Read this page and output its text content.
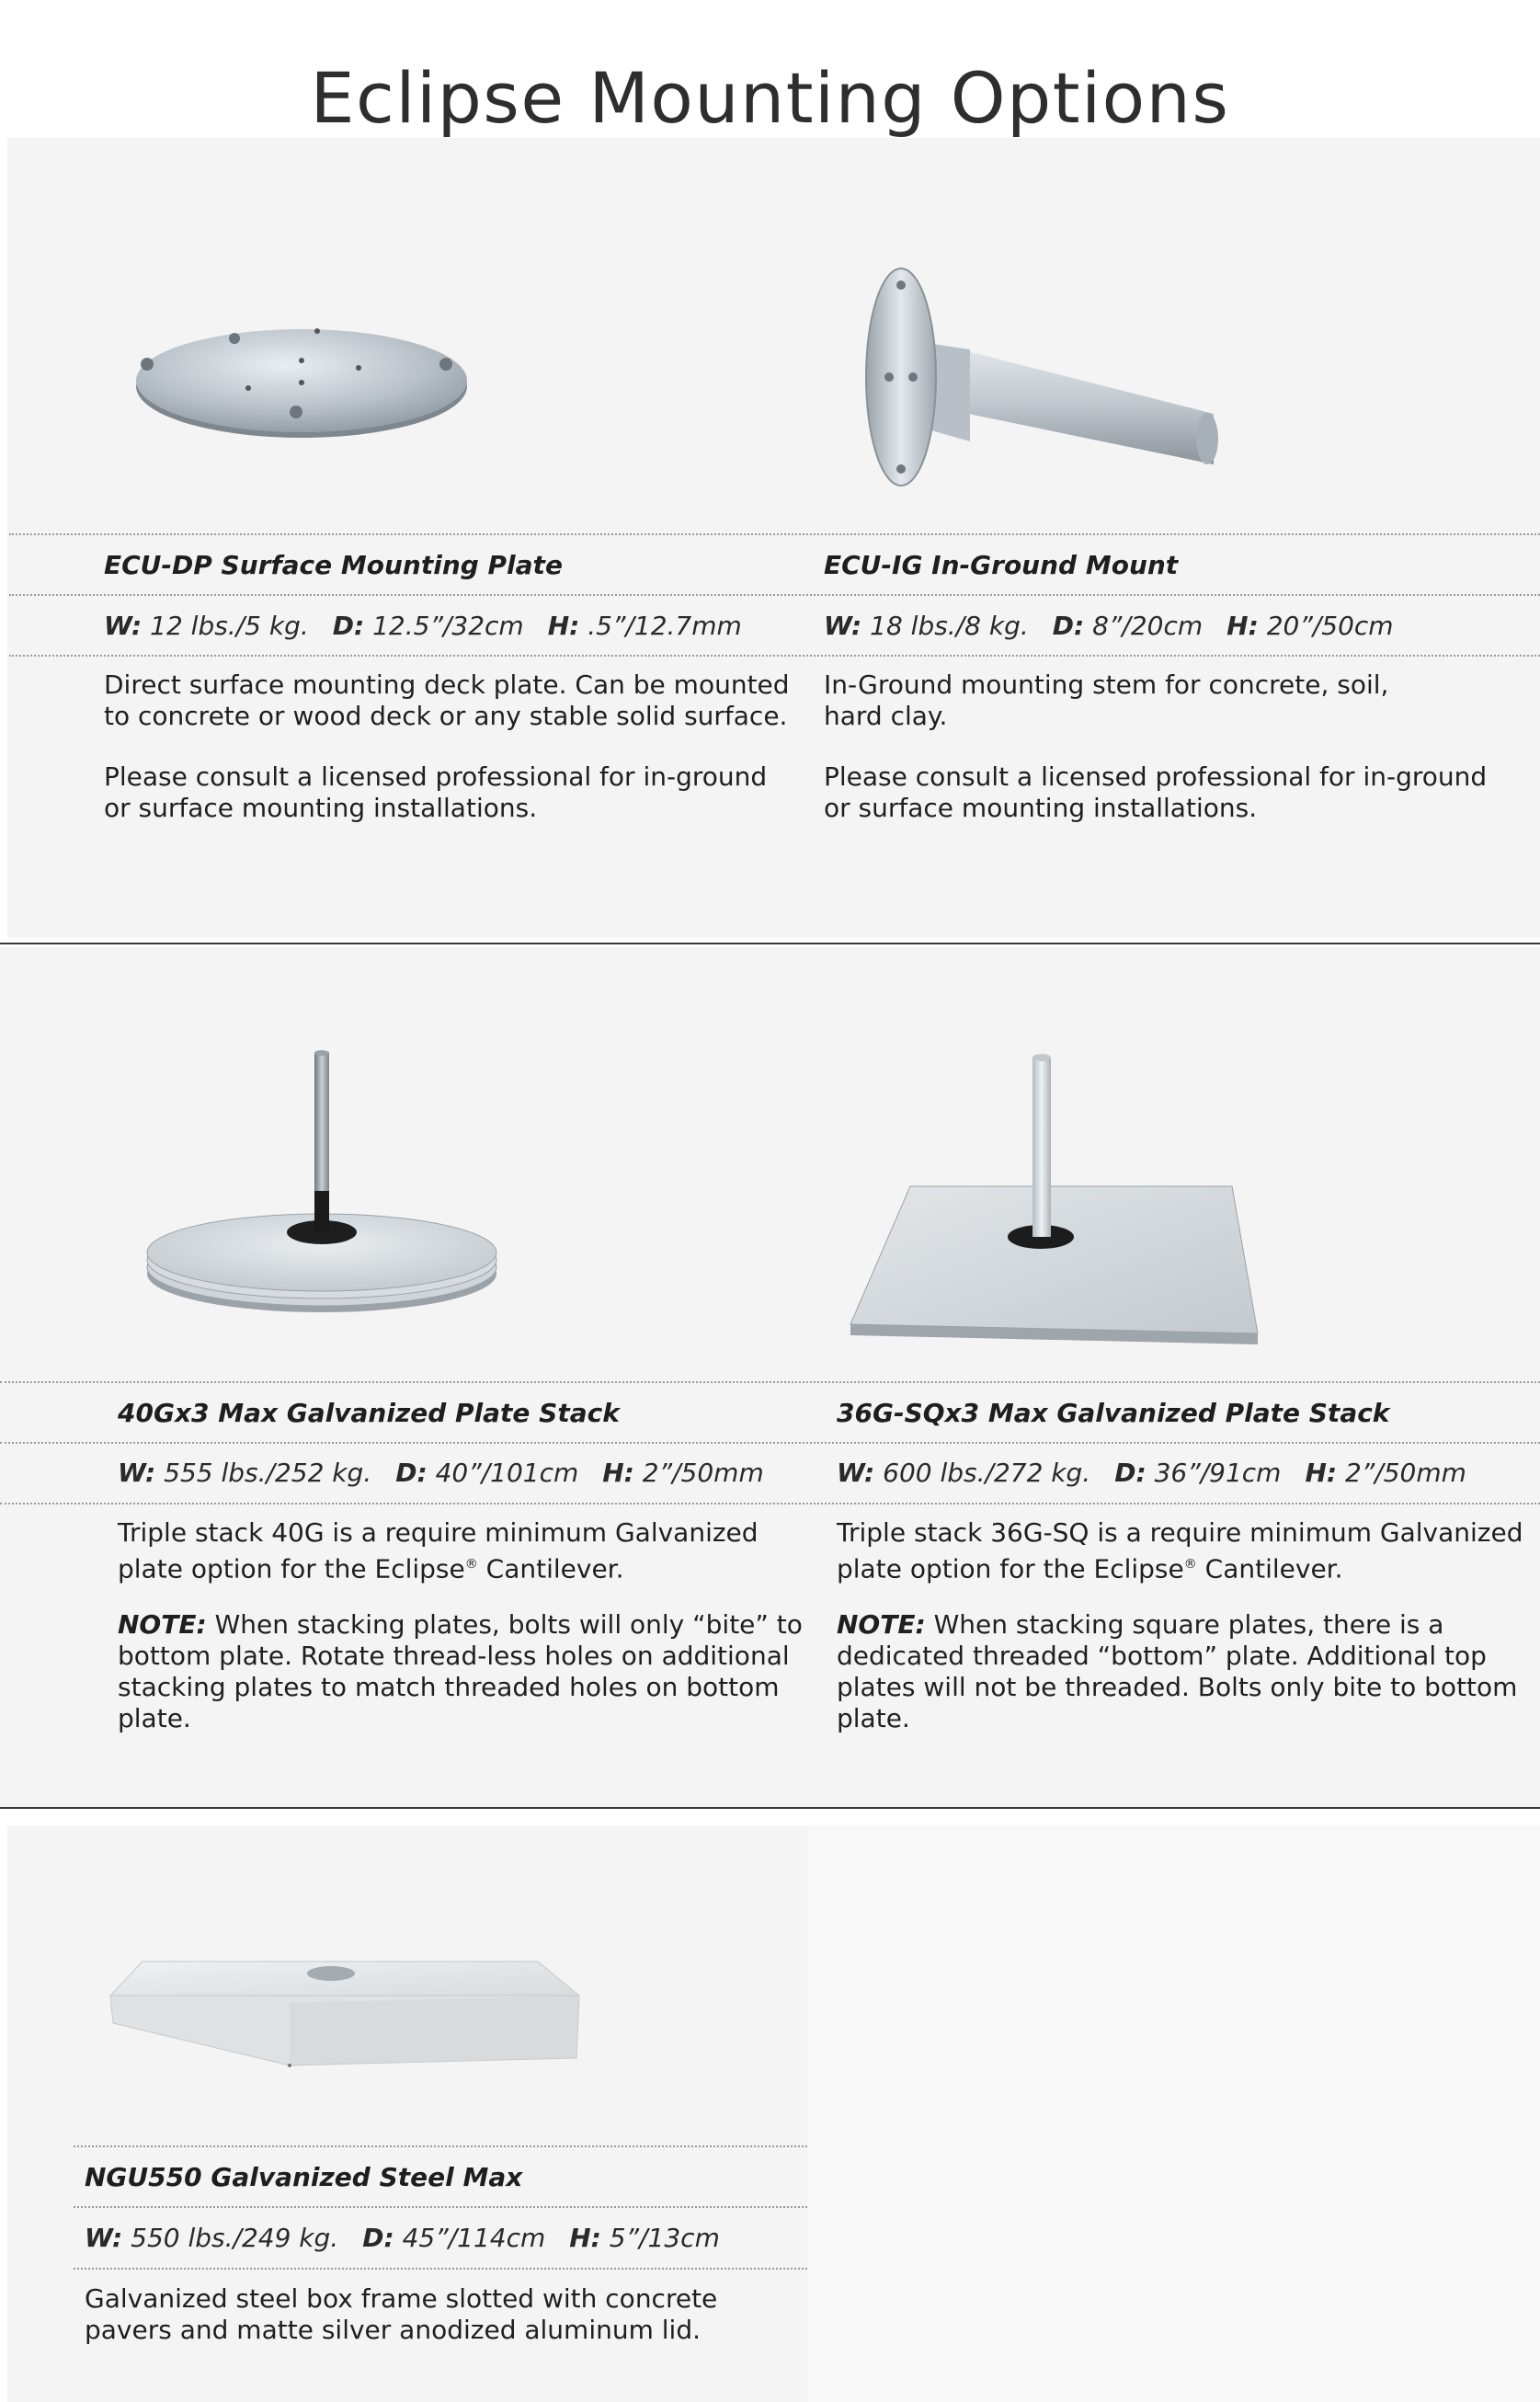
Eclipse Mounting Options
ECU-DP Surface Mounting Plate	ECU-IG In-Ground Mount
W: 12 lbs./5 kg. D: 12.5”/32cm H: .5”/12.7mm	W: 18 lbs./8 kg. D: 8”/20cm H: 20”/50cm
Direct surface mounting deck plate. Can be mounted
to concrete or wood deck or any stable solid surface.
Please consult a licensed professional for in-ground
or surface mounting installations.
In-Ground mounting stem for concrete, soil,
hard clay.
Please consult a licensed professional for in-ground
or surface mounting installations.
40Gx3 Max Galvanized Plate Stack	36G-SQx3 Max Galvanized Plate Stack
W: 555 lbs./252 kg. D: 40”/101cm H: 2”/50mm	W: 600 lbs./272 kg. D: 36”/91cm H: 2”/50mm
Triple stack 40G is a require minimum Galvanized
plate option for the Eclipse® Cantilever.
NOTE: When stacking plates, bolts will only “bite” to
bottom plate. Rotate thread-less holes on additional
stacking plates to match threaded holes on bottom
plate.
Triple stack 36G-SQ is a require minimum Galvanized
plate option for the Eclipse® Cantilever.
NOTE: When stacking square plates, there is a
dedicated threaded “bottom” plate. Additional top
plates will not be threaded. Bolts only bite to bottom
plate.
NGU550 Galvanized Steel Max
W: 550 lbs./249 kg. D: 45”/114cm H: 5”/13cm
Galvanized steel box frame slotted with concrete
pavers and matte silver anodized aluminum lid.
